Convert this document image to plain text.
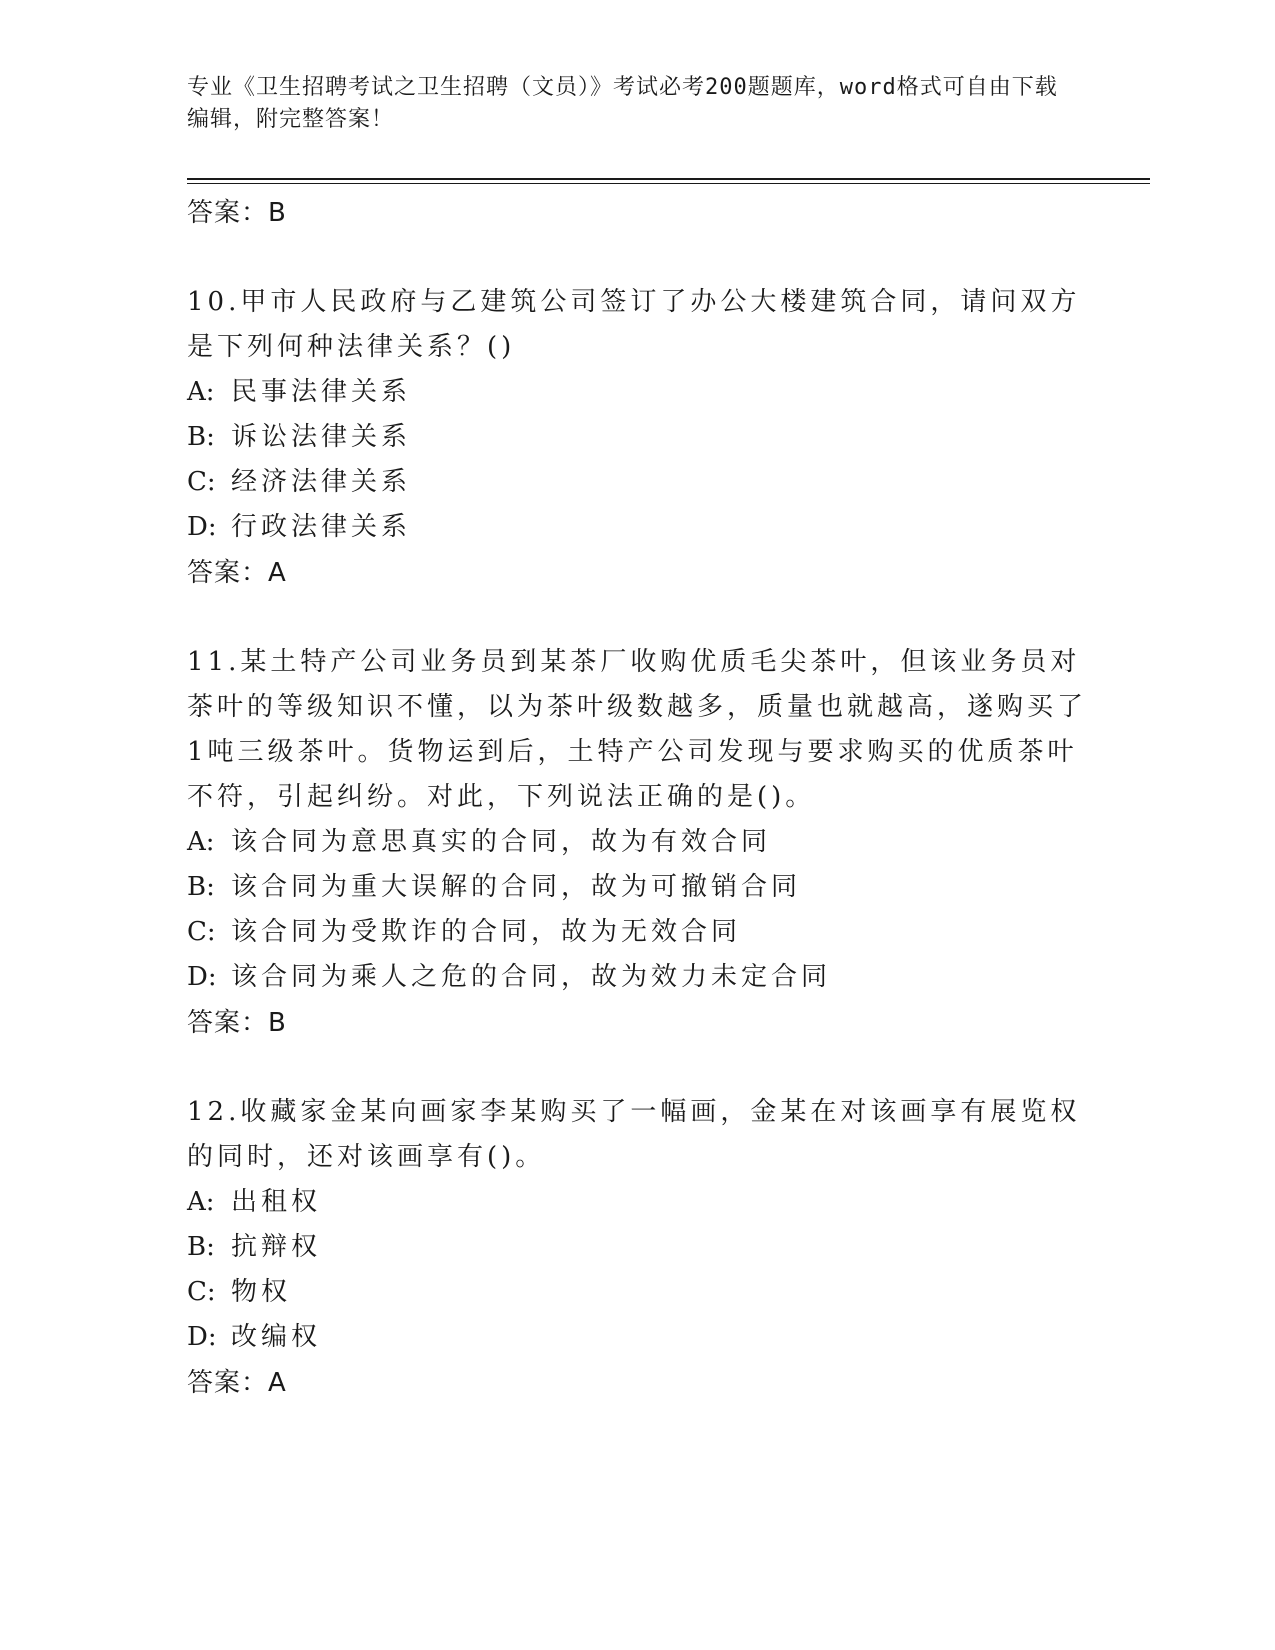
专业《卫生招聘考试之卫生招聘（文员）》考试必考200题题库，word格式可自由下载编辑，附完整答案！
答案：B

10.甲市人民政府与乙建筑公司签订了办公大楼建筑合同，请问双方是下列何种法律关系？()

A: 民事法律关系
B: 诉讼法律关系
C: 经济法律关系
D: 行政法律关系
答案：A

11.某土特产公司业务员到某茶厂收购优质毛尖茶叶，但该业务员对茶叶的等级知识不懂，以为茶叶级数越多，质量也就越高，遂购买了1吨三级茶叶。货物运到后，土特产公司发现与要求购买的优质茶叶不符，引起纠纷。对此，下列说法正确的是()。

A: 该合同为意思真实的合同，故为有效合同
B: 该合同为重大误解的合同，故为可撤销合同
C: 该合同为受欺诈的合同，故为无效合同
D: 该合同为乘人之危的合同，故为效力未定合同
答案：B

12.收藏家金某向画家李某购买了一幅画，金某在对该画享有展览权的同时，还对该画享有()。

A: 出租权
B: 抗辩权
C: 物权
D: 改编权
答案：A
